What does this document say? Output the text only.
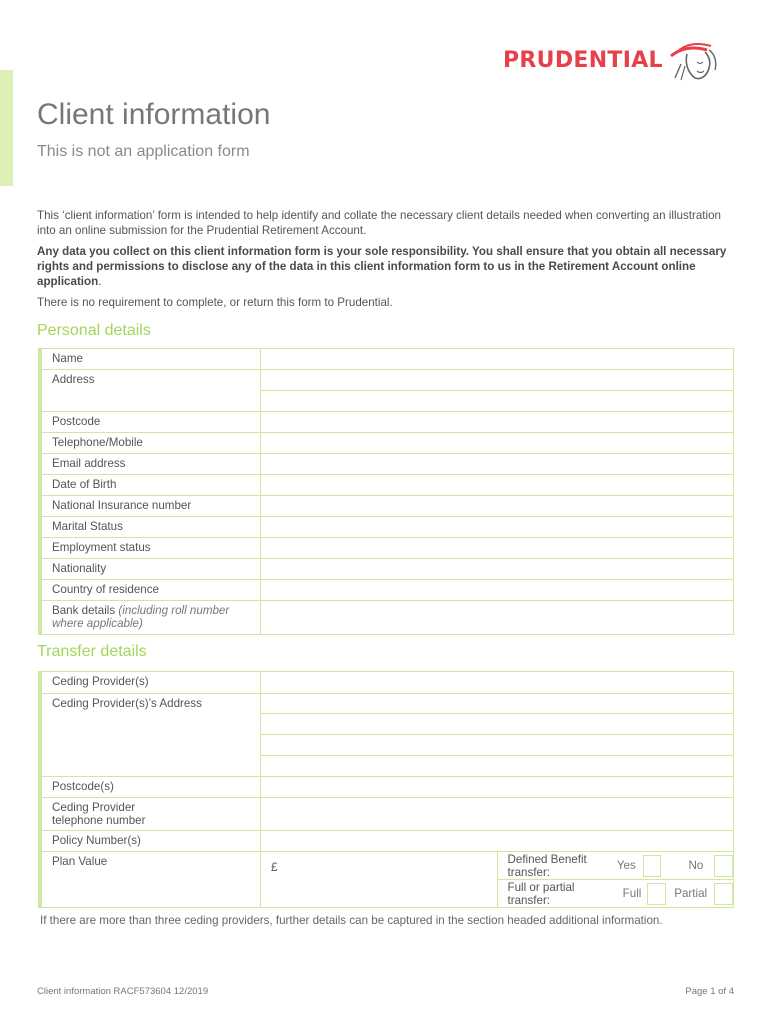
PRUDENTIAL
Client information

This is not an application form

This ‘client information’ form is intended to help identify and collate the necessary client details needed when converting an illustration into an online submission for the Prudential Retirement Account.

Any data you collect on this client information form is your sole responsibility. You shall ensure that you obtain all necessary rights and permissions to disclose any of the data in this client information form to us in the Retirement Account online application.

There is no requirement to complete, or return this form to Prudential.

Personal details
Name	
Address	

Postcode	
Telephone/Mobile	
Email address	
Date of Birth	
National Insurance number	
Marital Status	
Employment status	
Nationality	
Country of residence	
Bank details (including roll number where applicable)	
Transfer details
Ceding Provider(s)		
Ceding Provider(s)’s Address		

Postcode(s)		
Ceding Provider
telephone number		
Policy Number(s)		
Plan Value	£	Defined Benefit transfer: Yes No

		Full or partial transfer: Full Partial
If there are more than three ceding providers, further details can be captured in the section headed additional information.
Client information RACF573604 12/2019	Page 1 of 4
